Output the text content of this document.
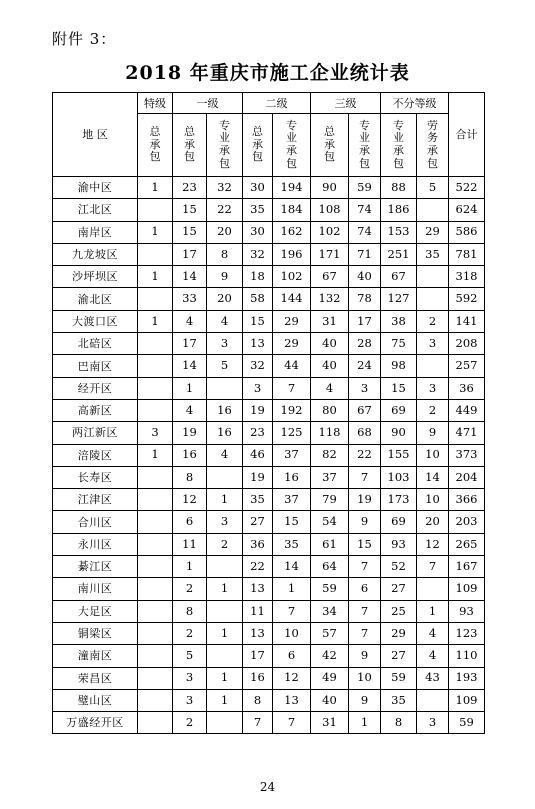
附件 3：
2018 年重庆市施工企业统计表
地 区	特级	一级		二级		三级		不分等级		合计

	总承包	总承包	专业承包	总承包	专业承包	总承包	专业承包	专业承包	劳务承包	

渝中区	1	23	32	30	194	90	59	88	5	522
江北区		15	22	35	184	108	74	186		624
南岸区	1	15	20	30	162	102	74	153	29	586
九龙坡区		17	8	32	196	171	71	251	35	781
沙坪坝区	1	14	9	18	102	67	40	67		318
渝北区		33	20	58	144	132	78	127		592
大渡口区	1	4	4	15	29	31	17	38	2	141
北碚区		17	3	13	29	40	28	75	3	208
巴南区		14	5	32	44	40	24	98		257
经开区		1		3	7	4	3	15	3	36
高新区		4	16	19	192	80	67	69	2	449
两江新区	3	19	16	23	125	118	68	90	9	471
涪陵区	1	16	4	46	37	82	22	155	10	373
长寿区		8		19	16	37	7	103	14	204
江津区		12	1	35	37	79	19	173	10	366
合川区		6	3	27	15	54	9	69	20	203
永川区		11	2	36	35	61	15	93	12	265
綦江区		1		22	14	64	7	52	7	167
南川区		2	1	13	1	59	6	27		109
大足区		8		11	7	34	7	25	1	93
铜梁区		2	1	13	10	57	7	29	4	123
潼南区		5		17	6	42	9	27	4	110
荣昌区		3	1	16	12	49	10	59	43	193
璧山区		3	1	8	13	40	9	35		109
万盛经开区		2		7	7	31	1	8	3	59
24
